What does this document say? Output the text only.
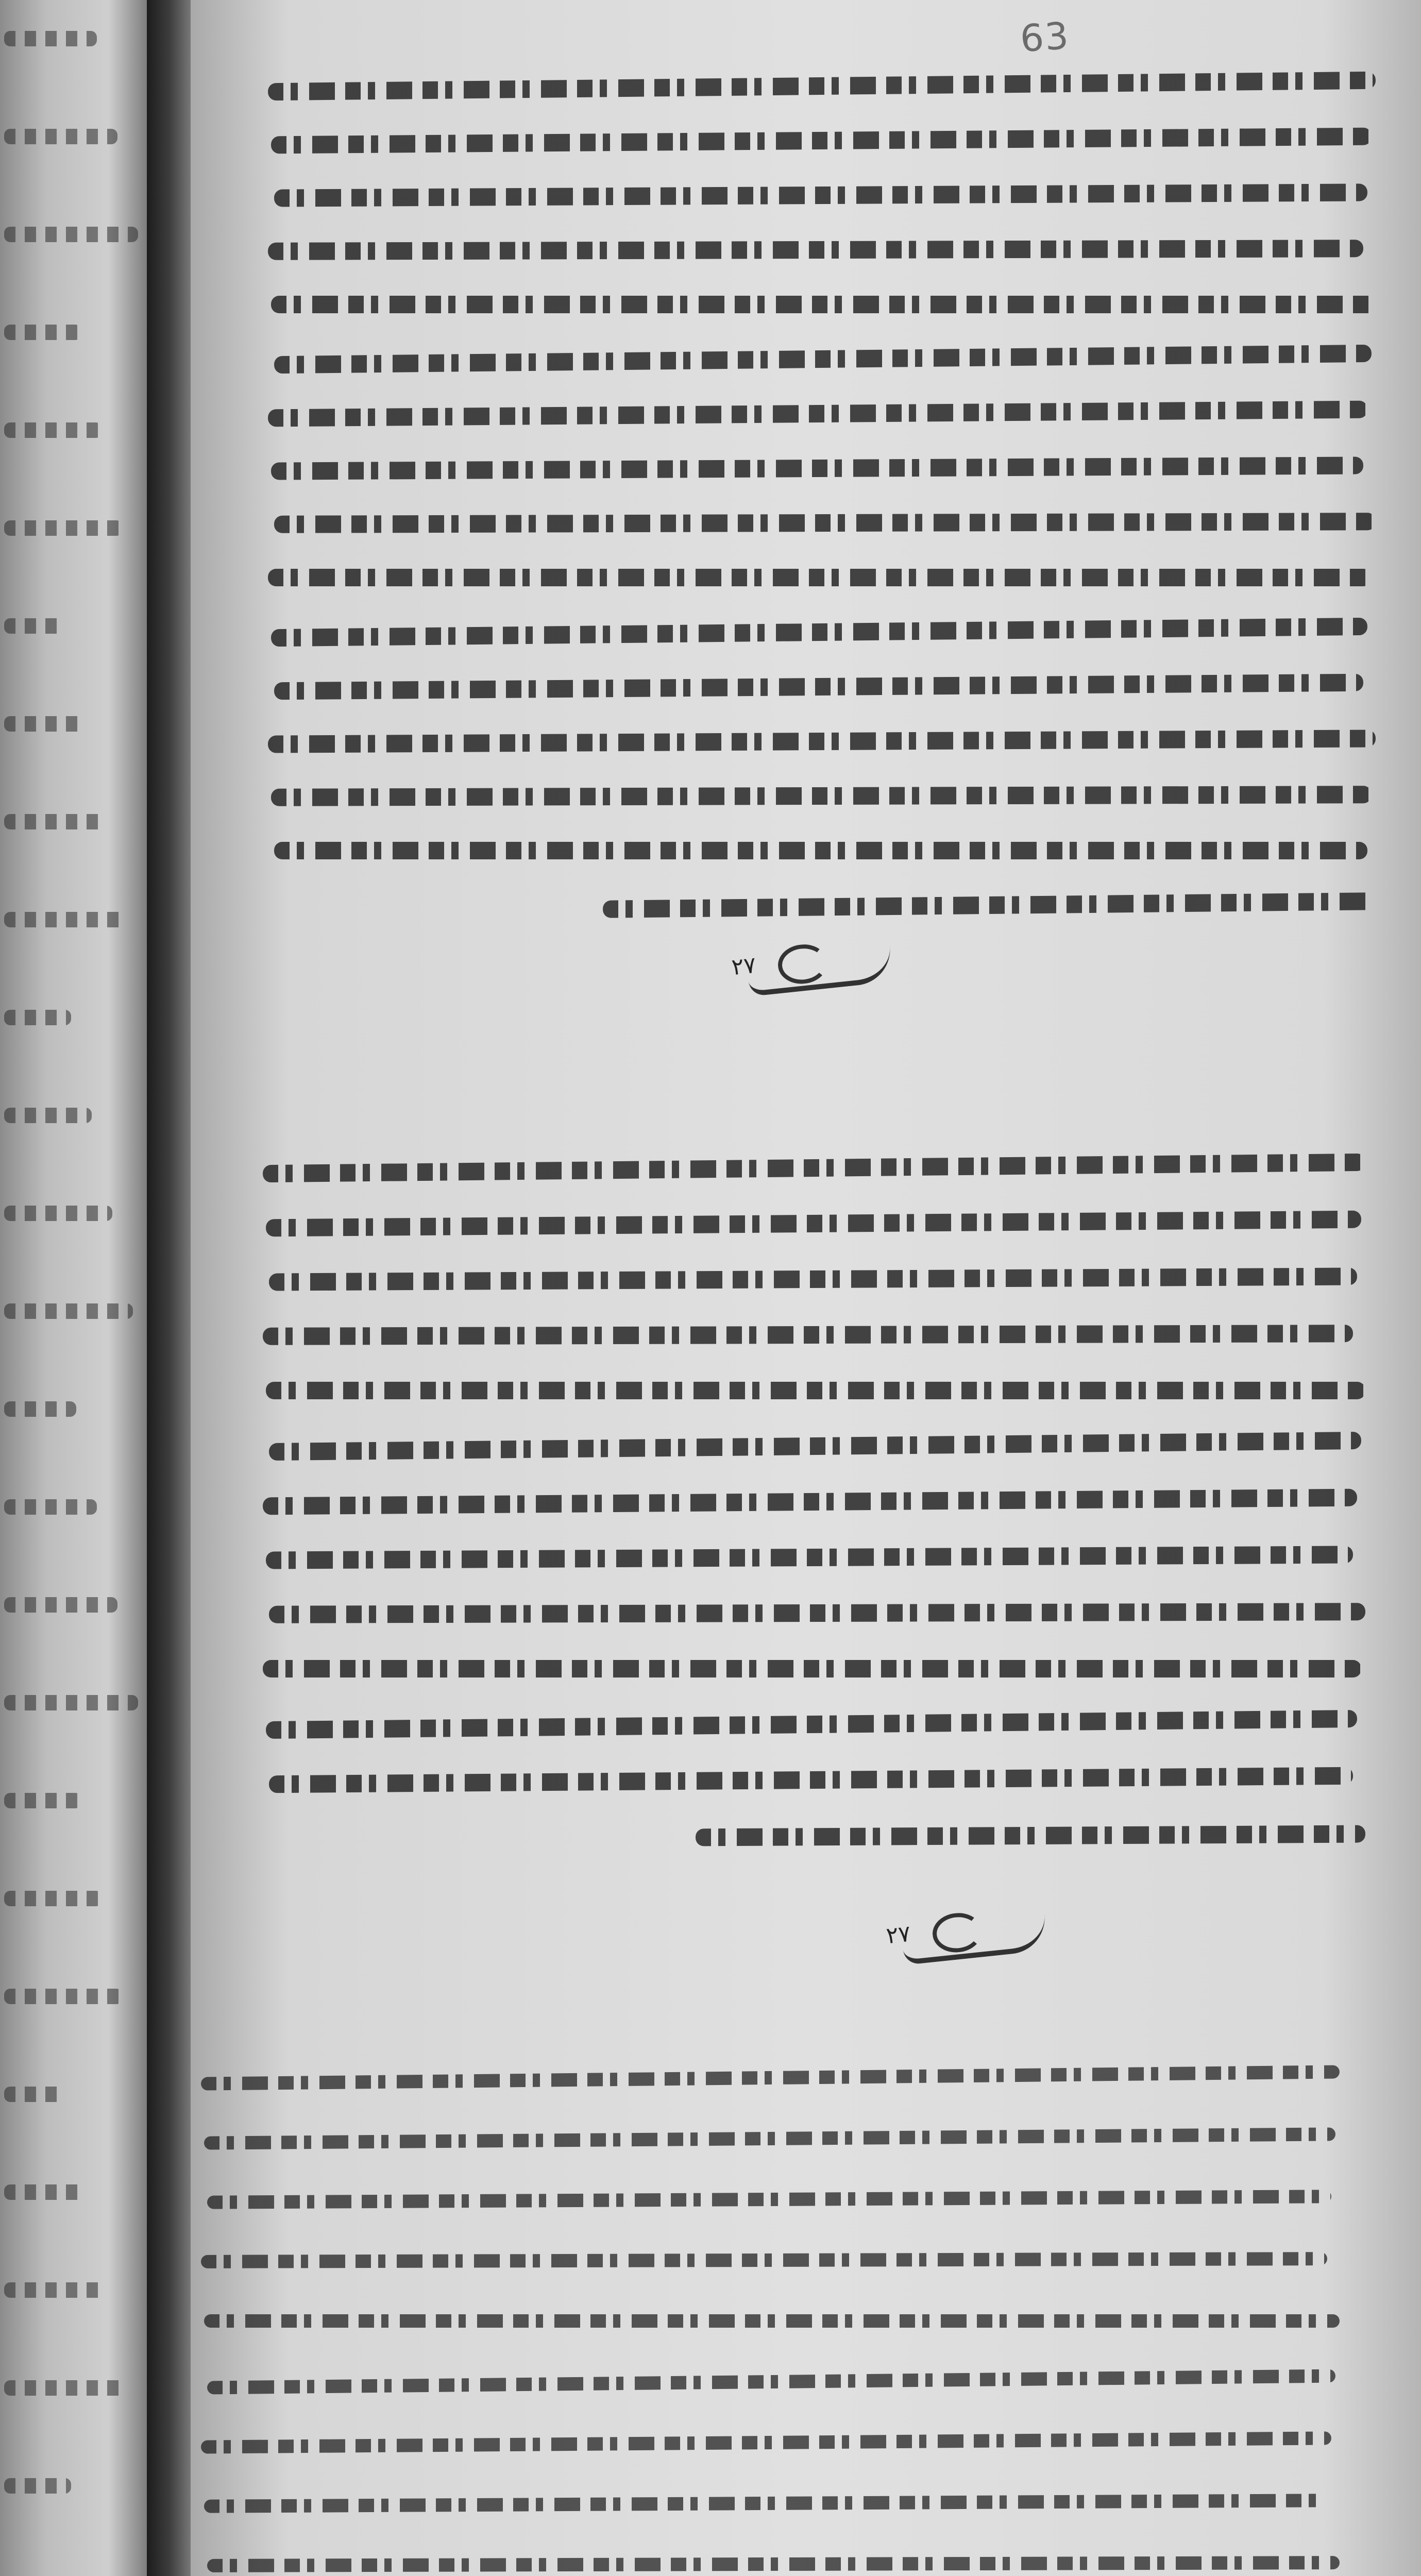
63
٢٧
٢٧
